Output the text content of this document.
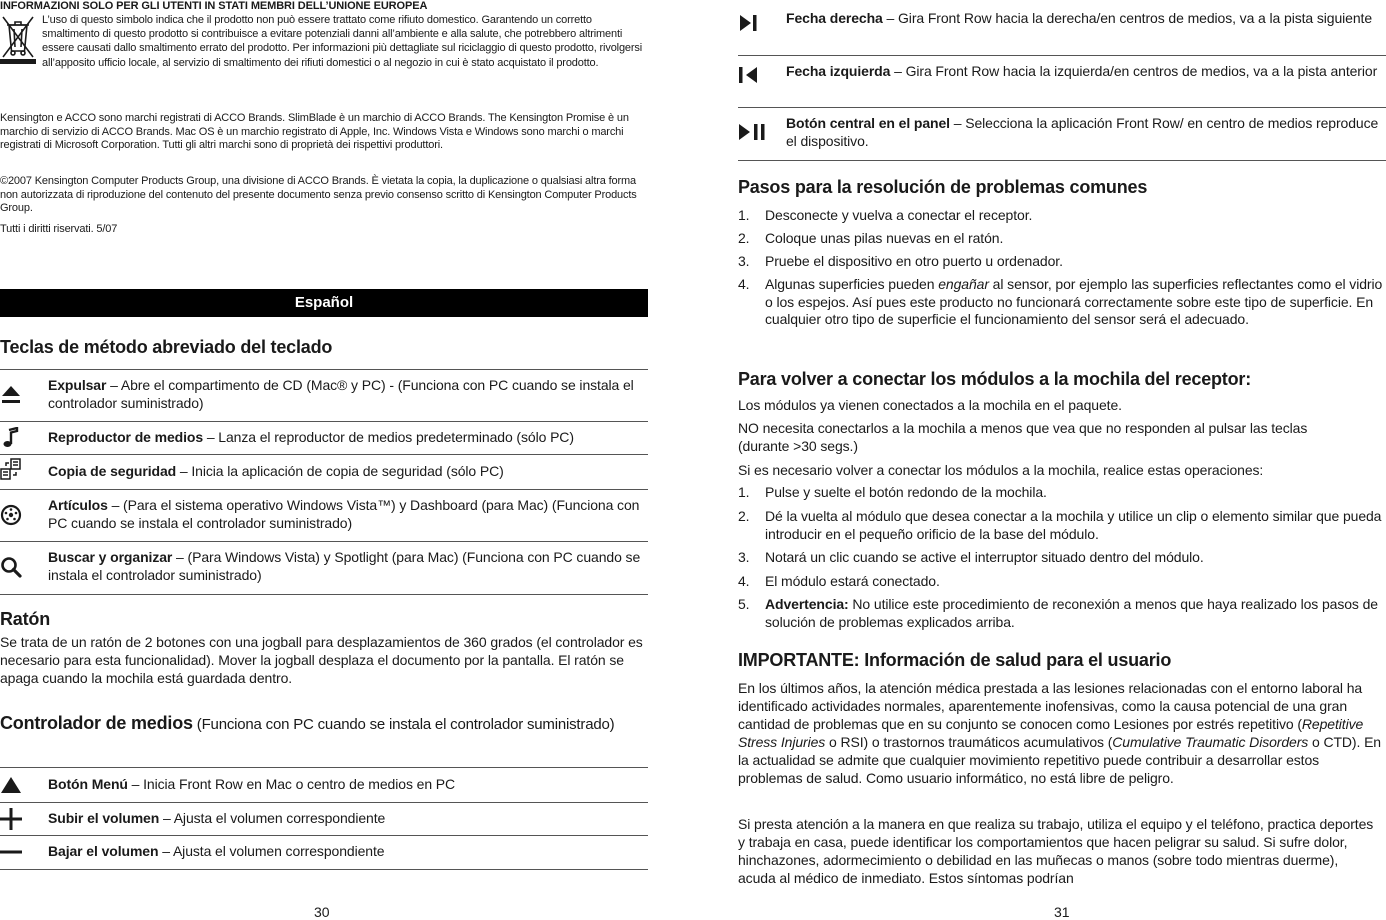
INFORMAZIONI SOLO PER GLI UTENTI IN STATI MEMBRI DELL’UNIONE EUROPEA
L’uso di questo simbolo indica che il prodotto non può essere trattato come rifiuto domestico. Garantendo un corretto smaltimento di questo prodotto si contribuisce a evitare potenziali danni all’ambiente e alla salute, che potrebbero altrimenti essere causati dallo smaltimento errato del prodotto. Per informazioni più dettagliate sul riciclaggio di questo prodotto, rivolgersi all’apposito ufficio locale, al servizio di smaltimento dei rifiuti domestici o al negozio in cui è stato acquistato il prodotto.
Kensington e ACCO sono marchi registrati di ACCO Brands. SlimBlade è un marchio di ACCO Brands. The Kensington Promise è un marchio di servizio di ACCO Brands. Mac OS è un marchio registrato di Apple, Inc. Windows Vista e Windows sono marchi o marchi registrati di Microsoft Corporation. Tutti gli altri marchi sono di proprietà dei rispettivi produttori.
©2007 Kensington Computer Products Group, una divisione di ACCO Brands. È vietata la copia, la duplicazione o qualsiasi altra forma non autorizzata di riproduzione del contenuto del presente documento senza previo consenso scritto di Kensington Computer Products Group.
Tutti i diritti riservati. 5/07
Español
Teclas de método abreviado del teclado
Expulsar – Abre el compartimento de CD (Mac® y PC) - (Funciona con PC cuando se instala el controlador suministrado)
Reproductor de medios – Lanza el reproductor de medios predeterminado (sólo PC)
Copia de seguridad – Inicia la aplicación de copia de seguridad (sólo PC)
Artículos – (Para el sistema operativo Windows Vista™) y Dashboard (para Mac) (Funciona con PC cuando se instala el controlador suministrado)
Buscar y organizar – (Para Windows Vista) y Spotlight (para Mac) (Funciona con PC cuando se instala el controlador suministrado)
Ratón
Se trata de un ratón de 2 botones con una jogball para desplazamientos de 360 grados (el controlador es necesario para esta funcionalidad). Mover la jogball desplaza el documento por la pantalla. El ratón se apaga cuando la mochila está guardada dentro.
Controlador de medios (Funciona con PC cuando se instala el controlador suministrado)
Botón Menú – Inicia Front Row en Mac o centro de medios en PC
Subir el volumen – Ajusta el volumen correspondiente
Bajar el volumen – Ajusta el volumen correspondiente
30
Fecha derecha – Gira Front Row hacia la derecha/en centros de medios, va a la pista siguiente
Fecha izquierda – Gira Front Row hacia la izquierda/en centros de medios, va a la pista anterior
Botón central en el panel – Selecciona la aplicación Front Row/ en centro de medios reproduce el dispositivo.
Pasos para la resolución de problemas comunes
1. Desconecte y vuelva a conectar el receptor.
2. Coloque unas pilas nuevas en el ratón.
3. Pruebe el dispositivo en otro puerto u ordenador.
4. Algunas superficies pueden engañar al sensor, por ejemplo las superficies reflectantes como el vidrio o los espejos. Así pues este producto no funcionará correctamente sobre este tipo de superficie. En cualquier otro tipo de superficie el funcionamiento del sensor será el adecuado.
Para volver a conectar los módulos a la mochila del receptor:
Los módulos ya vienen conectados a la mochila en el paquete.
NO necesita conectarlos a la mochila a menos que vea que no responden al pulsar las teclas (durante >30 segs.)
Si es necesario volver a conectar los módulos a la mochila, realice estas operaciones:
1. Pulse y suelte el botón redondo de la mochila.
2. Dé la vuelta al módulo que desea conectar a la mochila y utilice un clip o elemento similar que pueda introducir en el pequeño orificio de la base del módulo.
3. Notará un clic cuando se active el interruptor situado dentro del módulo.
4. El módulo estará conectado.
5. Advertencia: No utilice este procedimiento de reconexión a menos que haya realizado los pasos de solución de problemas explicados arriba.
IMPORTANTE: Información de salud para el usuario
En los últimos años, la atención médica prestada a las lesiones relacionadas con el entorno laboral ha identificado actividades normales, aparentemente inofensivas, como la causa potencial de una gran cantidad de problemas que en su conjunto se conocen como Lesiones por estrés repetitivo (Repetitive Stress Injuries o RSI) o trastornos traumáticos acumulativos (Cumulative Traumatic Disorders o CTD). En la actualidad se admite que cualquier movimiento repetitivo puede contribuir a desarrollar estos problemas de salud. Como usuario informático, no está libre de peligro.
Si presta atención a la manera en que realiza su trabajo, utiliza el equipo y el teléfono, practica deportes y trabaja en casa, puede identificar los comportamientos que hacen peligrar su salud. Si sufre dolor, hinchazones, adormecimiento o debilidad en las muñecas o manos (sobre todo mientras duerme), acuda al médico de inmediato. Estos síntomas podrían
31
